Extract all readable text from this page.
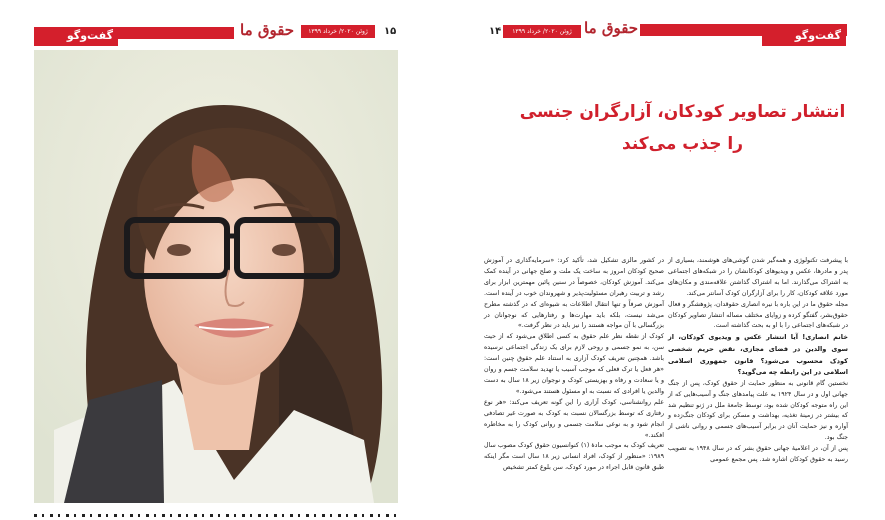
گفت‌وگو	حقوق ما	ژوئن ۲۰۲۰/ خرداد ۱۳۹۹	۱۵	۱۴	ژوئن ۲۰۲۰/ خرداد ۱۳۹۹ حقوق ما	گفت‌وگو
انتشار تصاویر کودکان، آزارگران جنسی
را جذب می‌کند

با پیشرفت تکنولوژی و همه‌گیر شدن گوشی‌های هوشمند، بسیاری از پدر و مادرها، عکس و ویدیوهای کودکانشان را در شبکه‌های اجتماعی به اشتراک می‌گذارند. اما به اشتراک گذاشتن علاقه‌مندی و مکان‌های مورد علاقه کودکان، کار را برای آزارگران کودک آسانتر می‌کند.

مجله حقوق ما در این باره با نیره انصاری حقوقدان، پژوهشگر و فعال حقوق‌بشر، گفتگو کرده و زوایای مختلف مساله انتشار تصاویر کودکان در شبکه‌های اجتماعی را با او به بحث گذاشته است.

خانم انصاری! آیا انتشار عکس و ویدیوی کودکان، از سوی والدین در فضای مجازی، نقض حریم شخصی کودک محسوب می‌شود؟ قانون جمهوری اسلامی اسلامی در این رابطه چه می‌گوید؟

نخستین گام قانونی به منظور حمایت از حقوق کودک، پس از جنگ جهانی اول و در سال ۱۹۲۴ به علت پیامدهای جنگ و آسیب‌هایی که از این راه متوجه کودکان شده بود، توسط جامعهٔ ملل در ژنو تنظیم شد که بیشتر در زمینهٔ تغذیه، بهداشت و مسکن برای کودکان جنگ‌زده و آواره و نیز حمایت آنان در برابر آسیب‌های جسمی و روانی ناشی از جنگ بود.

پس از آن، در اعلامیهٔ جهانی حقوق بشر که در سال ۱۹۴۸ به تصویب رسید به حقوق کودکان اشاره شد. پس مجمع عمومی

در کشور مالزی تشکیل شد، تأکید کرد: «سرمایه‌گذاری در آموزش صحیح کودکان امروز به ساخت یک ملت و صلح جهانی در آینده کمک می‌کند. آموزش کودکان، خصوصاً در سنین پائین مهمترین ابزار برای رشد و تربیت رهبران مسئولیت‌پذیر و شهروندان خوب در آینده است. آموزش صرفاً و تنها انتقال اطلاعات به شیوه‌ای که در گذشته مطرح می‌شد نیست، بلکه باید مهارت‌ها و رفتارهایی که نوجوانان در بزرگسالی با آن مواجه هستند را نیز باید در نظر گرفت.»

کودک از نقطه نظر علم حقوق به کسی اطلاق می‌شود که از حیث سن، به نمو جسمی و روحی لازم برای یک زندگی اجتماعی نرسیده باشد. همچنین تعریف کودک آزاری به استناد علم حقوق چنین است: «هر فعل یا ترک فعلی که موجب آسیب یا تهدید سلامت جسم و روان و یا سعادت و رفاه و بهزیستی کودک و نوجوان زیر ۱۸ سال به دست والدین یا افرادی که نسبت به او مسئول هستند می‌شود.»

علم روانشناسی، کودک آزاری را این گونه تعریف می‌کند: «هر نوع رفتاری که توسط بزرگسالان نسبت به کودک به صورت غیر تصادفی انجام شود و به نوعی سلامت جسمی و روانی کودک را به مخاطره افکند.»

تعریف کودک به موجب مادهٔ (۱) کنوانسیون حقوق کودک مصوب سال ۱۹۸۹: «منظور از کودک، افراد انسانی زیر ۱۸ سال است مگر اینکه طبق قانون قابل اجراء در مورد کودک، سن بلوغ کمتر تشخیص
